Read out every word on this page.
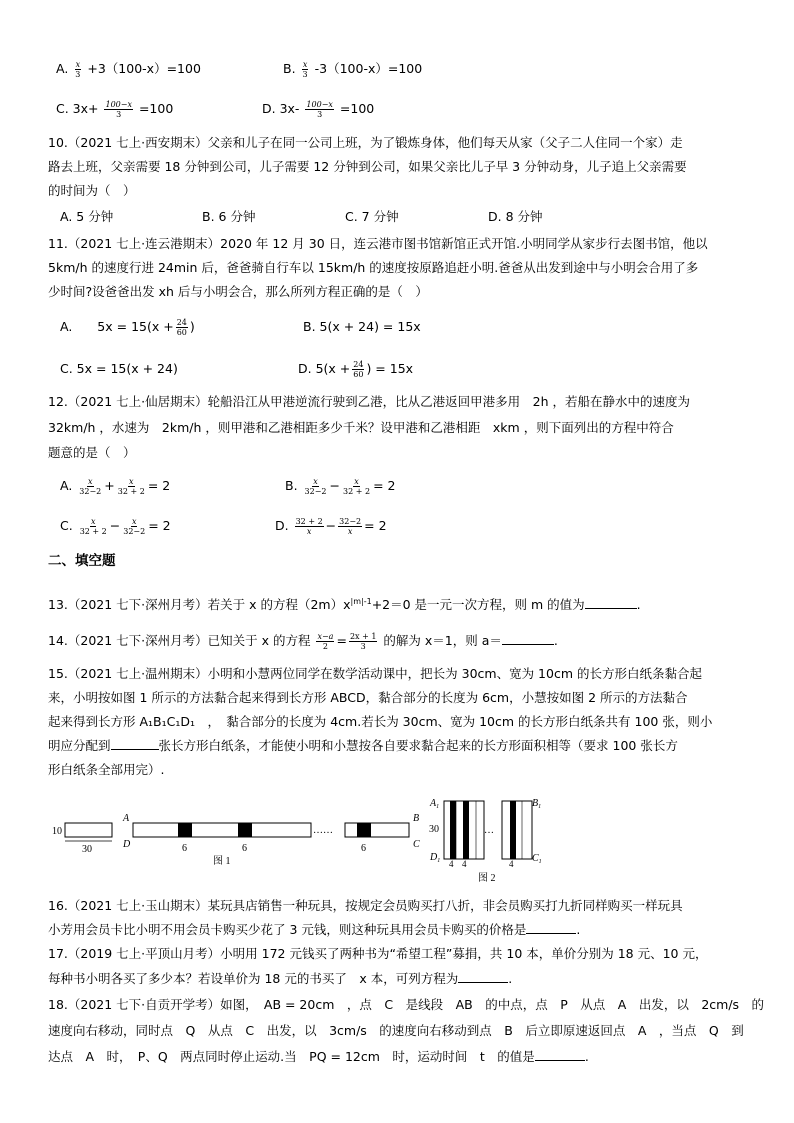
A. $\frac{x}{3} +3(100-x)=100$	B. $\frac{x}{3} -3(100-x)=100$
C. $3x+ \frac{100-x}{3} =100$	D. $3x- \frac{100-x}{3} =100$
10.（2021 七上·西安期末）父亲和儿子在同一公司上班，为了锻炼身体，他们每天从家（父子二人住同一个家）走
路去上班，父亲需要 18 分钟到公司，儿子需要 12 分钟到公司，如果父亲比儿子早 3 分钟动身，儿子追上父亲需要
的时间为（　）
A. 5 分钟	B. 6 分钟	C. 7 分钟	D. 8 分钟
11.（2021 七上·连云港期末）2020 年 12 月 30 日，连云港市图书馆新馆正式开馆.小明同学从家步行去图书馆，他以
5km/h 的速度行进 24min 后，爸爸骑自行车以 15km/h 的速度按原路追赶小明.爸爸从出发到途中与小明会合用了多
少时间?设爸爸出发 xh 后与小明会合，那么所列方程正确的是（　）
A.　　$5x = 15(x + \frac{24}{60}$ )	B. 5(x + 24) = 15x
C. 5x = 15(x + 24)	D. $5(x + \frac{24}{60}$ ) = 15x
12.（2021 七上·仙居期末）轮船沿江从甲港逆流行驶到乙港，比从乙港返回甲港多用　2h ，若船在静水中的速度为
32km/h ，水速为　2km/h ，则甲港和乙港相距多少千米？设甲港和乙港相距　xkm ，则下面列出的方程中符合
题意的是（　）
A. $\frac{x}{32-2} + \frac{x}{32 + 2} = 2$	B. $\frac{x}{32-2} - \frac{x}{32 + 2} = 2$
C. $\frac{x}{32 + 2} - \frac{x}{32-2} = 2$	D. $\frac{32 + 2}{x} - \frac{32-2}{x} = 2$
二、填空题
13.（2021 七下·深州月考）若关于 x 的方程$(2m)x^{|m|-1}+2=0$ 是一元一次方程，则 m 的值为	.
14.（2021 七下·深州月考）已知关于 x 的方程 $\frac{x-a}{2} = \frac{2x + 1}{3}$ 的解为 x＝1，则 a＝	.
15.（2021 七上·温州期末）小明和小慧两位同学在数学活动课中，把长为 30cm、宽为 10cm 的长方形白纸条黏合起
来，小明按如图 1 所示的方法黏合起来得到长方形 ABCD，黏合部分的长度为 6cm，小慧按如图 2 所示的方法黏合
起来得到长方形 A₁B₁C₁D₁　，　黏合部分的长度为 4cm.若长为 30cm、宽为 10cm 的长方形白纸条共有 100 张，则小
明应分配到	张长方形白纸条，才能使小明和小慧按各自要求黏合起来的长方形面积相等（要求 100 张长方
形白纸条全部用完）.
10
30
A
D
B
C
……
6	6	6
图 1
$A_1$	$B_1$
$D_1$	$C_1$
30	…
4 4	4
图 2
16.（2021 七上·玉山期末）某玩具店销售一种玩具，按规定会员购买打八折，非会员购买打九折同样购买一样玩具
小芳用会员卡比小明不用会员卡购买少花了 3 元钱，则这种玩具用会员卡购买的价格是	.
17.（2019 七上·平顶山月考）小明用 172 元钱买了两种书为“希望工程”募捐，共 10 本，单价分别为 18 元、10 元，
每种书小明各买了多少本？若设单价为 18 元的书买了　x 本，可列方程为	.
18.（2021 七下·自贡开学考）如图，　AB = 20cm　，点　C　是线段　AB　的中点，点　P　从点　A　出发，以　2cm/s　的
速度向右移动，同时点　Q　从点　C　出发，以　3cm/s　的速度向右移动到点　B　后立即原速返回点　A　，当点　Q　到
达点　A　时，　P、Q　两点同时停止运动.当　PQ = 12cm　时，运动时间　t　的值是	.
